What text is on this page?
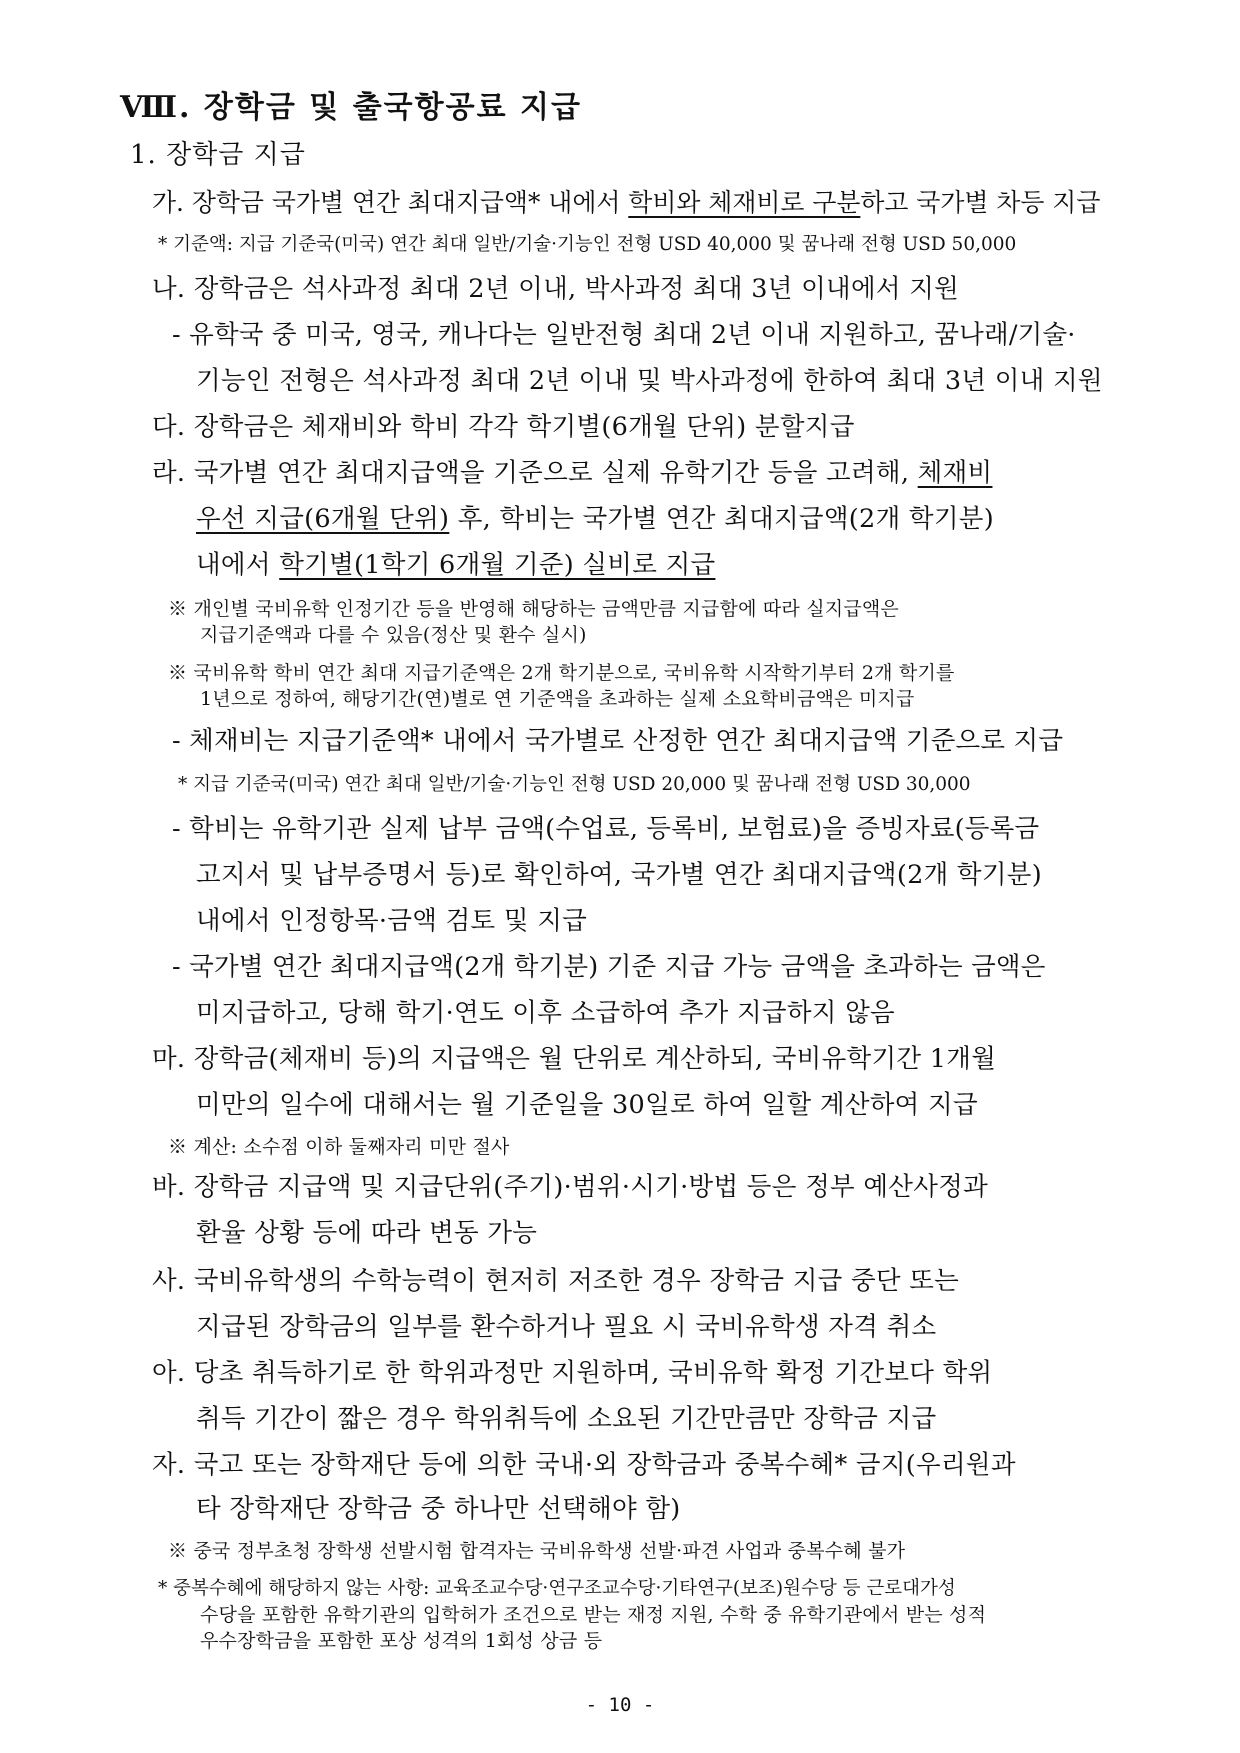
Ⅷ. 장학금 및 출국항공료 지급
1. 장학금 지급
가. 장학금 국가별 연간 최대지급액* 내에서 학비와 체재비로 구분하고 국가별 차등 지급
* 기준액: 지급 기준국(미국) 연간 최대 일반/기술·기능인 전형 USD 40,000 및 꿈나래 전형 USD 50,000
나. 장학금은 석사과정 최대 2년 이내, 박사과정 최대 3년 이내에서 지원
- 유학국 중 미국, 영국, 캐나다는 일반전형 최대 2년 이내 지원하고, 꿈나래/기술·
기능인 전형은 석사과정 최대 2년 이내 및 박사과정에 한하여 최대 3년 이내 지원
다. 장학금은 체재비와 학비 각각 학기별(6개월 단위) 분할지급
라. 국가별 연간 최대지급액을 기준으로 실제 유학기간 등을 고려해, 체재비
우선 지급(6개월 단위) 후, 학비는 국가별 연간 최대지급액(2개 학기분)
내에서 학기별(1학기 6개월 기준) 실비로 지급
※ 개인별 국비유학 인정기간 등을 반영해 해당하는 금액만큼 지급함에 따라 실지급액은
지급기준액과 다를 수 있음(정산 및 환수 실시)
※ 국비유학 학비 연간 최대 지급기준액은 2개 학기분으로, 국비유학 시작학기부터 2개 학기를
1년으로 정하여, 해당기간(연)별로 연 기준액을 초과하는 실제 소요학비금액은 미지급
- 체재비는 지급기준액* 내에서 국가별로 산정한 연간 최대지급액 기준으로 지급
* 지급 기준국(미국) 연간 최대 일반/기술·기능인 전형 USD 20,000 및 꿈나래 전형 USD 30,000
- 학비는 유학기관 실제 납부 금액(수업료, 등록비, 보험료)을 증빙자료(등록금
고지서 및 납부증명서 등)로 확인하여, 국가별 연간 최대지급액(2개 학기분)
내에서 인정항목·금액 검토 및 지급
- 국가별 연간 최대지급액(2개 학기분) 기준 지급 가능 금액을 초과하는 금액은
미지급하고, 당해 학기·연도 이후 소급하여 추가 지급하지 않음
마. 장학금(체재비 등)의 지급액은 월 단위로 계산하되, 국비유학기간 1개월
미만의 일수에 대해서는 월 기준일을 30일로 하여 일할 계산하여 지급
※ 계산: 소수점 이하 둘째자리 미만 절사
바. 장학금 지급액 및 지급단위(주기)·범위·시기·방법 등은 정부 예산사정과
환율 상황 등에 따라 변동 가능
사. 국비유학생의 수학능력이 현저히 저조한 경우 장학금 지급 중단 또는
지급된 장학금의 일부를 환수하거나 필요 시 국비유학생 자격 취소
아. 당초 취득하기로 한 학위과정만 지원하며, 국비유학 확정 기간보다 학위
취득 기간이 짧은 경우 학위취득에 소요된 기간만큼만 장학금 지급
자. 국고 또는 장학재단 등에 의한 국내·외 장학금과 중복수혜* 금지(우리원과
타 장학재단 장학금 중 하나만 선택해야 함)
※ 중국 정부초청 장학생 선발시험 합격자는 국비유학생 선발·파견 사업과 중복수혜 불가
* 중복수혜에 해당하지 않는 사항: 교육조교수당·연구조교수당·기타연구(보조)원수당 등 근로대가성
수당을 포함한 유학기관의 입학허가 조건으로 받는 재정 지원, 수학 중 유학기관에서 받는 성적
우수장학금을 포함한 포상 성격의 1회성 상금 등
- 10 -
